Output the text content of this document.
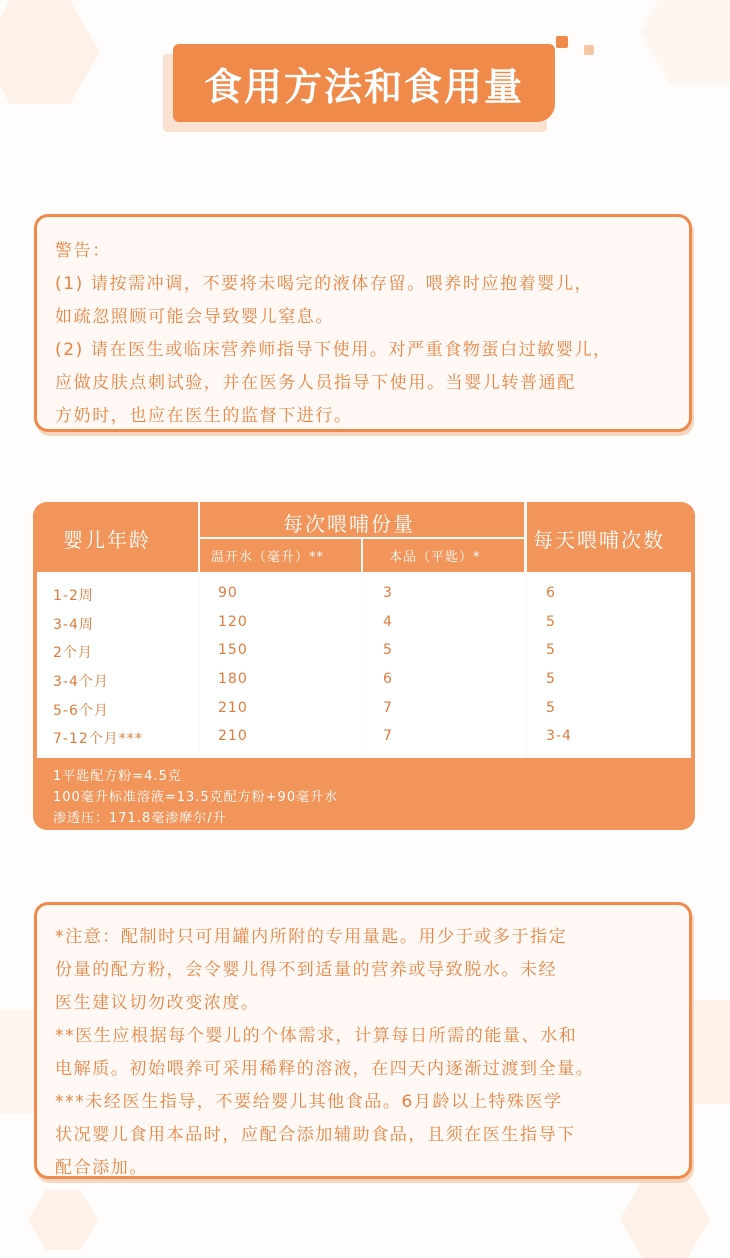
食用方法和食用量

警告：

(1) 请按需冲调，不要将未喝完的液体存留。喂养时应抱着婴儿，

如疏忽照顾可能会导致婴儿窒息。

(2) 请在医生或临床营养师指导下使用。对严重食物蛋白过敏婴儿，

应做皮肤点刺试验，并在医务人员指导下使用。当婴儿转普通配

方奶时，也应在医生的监督下进行。

婴儿年龄
每次喂哺份量
温开水（毫升）**	本品（平匙）*
每天喂哺次数
1-2周	90	3	6
3-4周	120	4	5
2个月	150	5	5
3-4个月	180	6	5
5-6个月	210	7	5
7-12个月***	210	7	3-4
1平匙配方粉=4.5克
100毫升标准溶液=13.5克配方粉+90毫升水
渗透压：171.8毫渗摩尔/升

*注意：配制时只可用罐内所附的专用量匙。用少于或多于指定

份量的配方粉，会令婴儿得不到适量的营养或导致脱水。未经

医生建议切勿改变浓度。

**医生应根据每个婴儿的个体需求，计算每日所需的能量、水和

电解质。初始喂养可采用稀释的溶液，在四天内逐渐过渡到全量。

***未经医生指导，不要给婴儿其他食品。6月龄以上特殊医学

状况婴儿食用本品时，应配合添加辅助食品，且须在医生指导下

配合添加。
